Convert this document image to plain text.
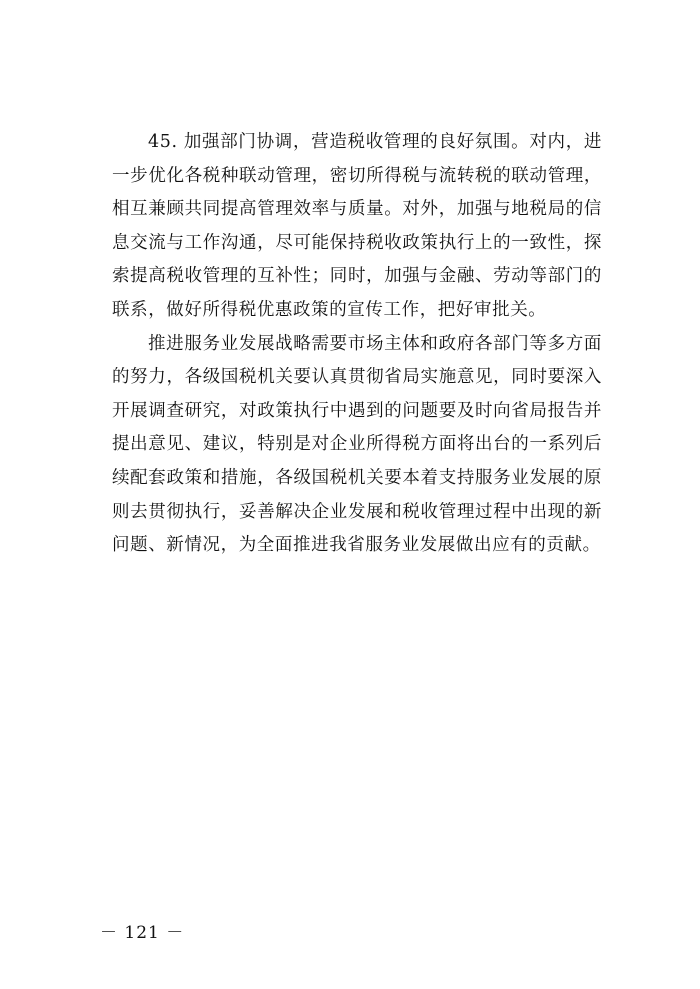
45. 加强部门协调，营造税收管理的良好氛围。对内，进一步优化各税种联动管理，密切所得税与流转税的联动管理，相互兼顾共同提高管理效率与质量。对外，加强与地税局的信息交流与工作沟通，尽可能保持税收政策执行上的一致性，探索提高税收管理的互补性；同时，加强与金融、劳动等部门的联系，做好所得税优惠政策的宣传工作，把好审批关。

推进服务业发展战略需要市场主体和政府各部门等多方面的努力，各级国税机关要认真贯彻省局实施意见，同时要深入开展调查研究，对政策执行中遇到的问题要及时向省局报告并提出意见、建议，特别是对企业所得税方面将出台的一系列后续配套政策和措施，各级国税机关要本着支持服务业发展的原则去贯彻执行，妥善解决企业发展和税收管理过程中出现的新问题、新情况，为全面推进我省服务业发展做出应有的贡献。

－ 121 －
